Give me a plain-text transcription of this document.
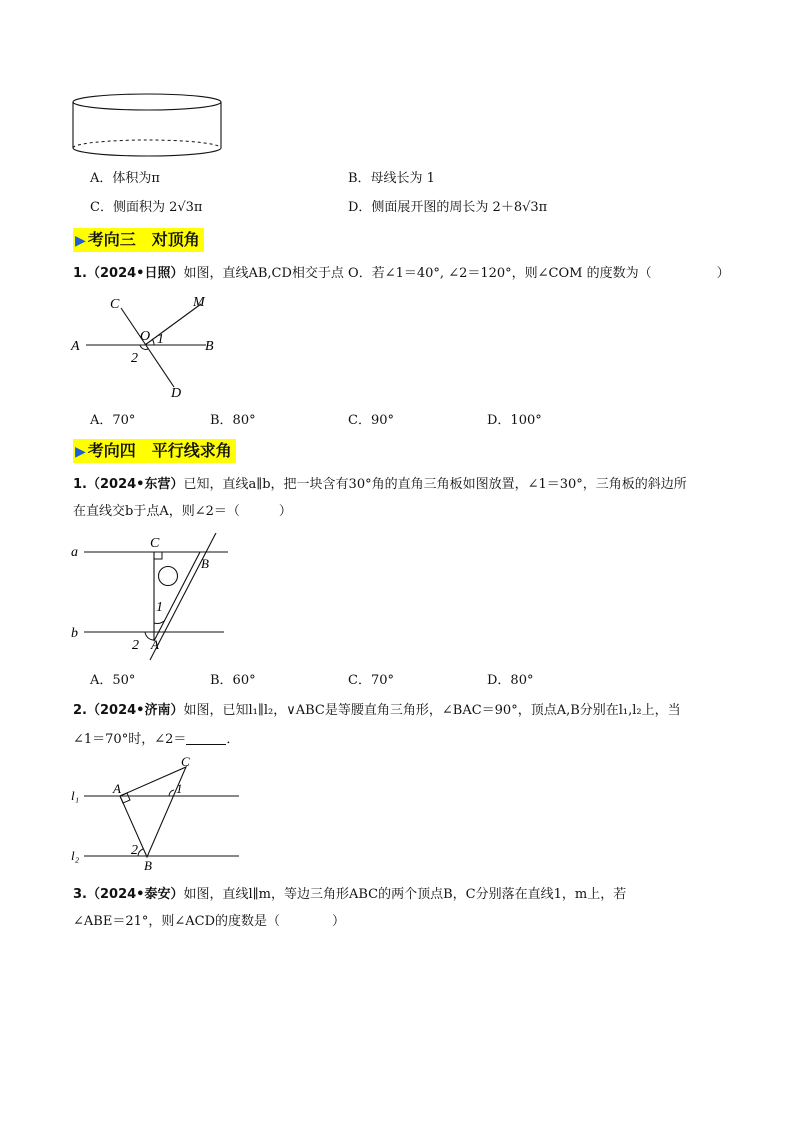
A．体积为π	B．母线长为 1
C．侧面积为 2√3π	D．侧面展开图的周长为 2＋8√3π
▶ 考向三　对顶角
1.（2024•日照）如图，直线AB,CD相交于点 O．若∠1＝40°, ∠2＝120°，则∠COM 的度数为（　　　　　）
C	M
O 1
A	B
2
D
A．70°	B．80°	C．90°	D．100°
▶ 考向四　平行线求角
1.（2024•东营）已知，直线a∥b，把一块含有30°角的直角三角板如图放置，∠1＝30°，三角板的斜边所
在直线交b于点A，则∠2＝（　　　）
a
C
B
1
b
2 A
A．50°	B．60°	C．70°	D．80°
2.（2024•济南）如图，已知l₁∥l₂，∨ABC是等腰直角三角形，∠BAC＝90°，顶点A,B分别在l₁,l₂上，当
∠1＝70°时，∠2＝	．
l₁	A
C
1
l₂	2
B
3.（2024•泰安）如图，直线l∥m，等边三角形ABC的两个顶点B，C分别落在直线1，m上，若
∠ABE＝21°，则∠ACD的度数是（　　　　）
